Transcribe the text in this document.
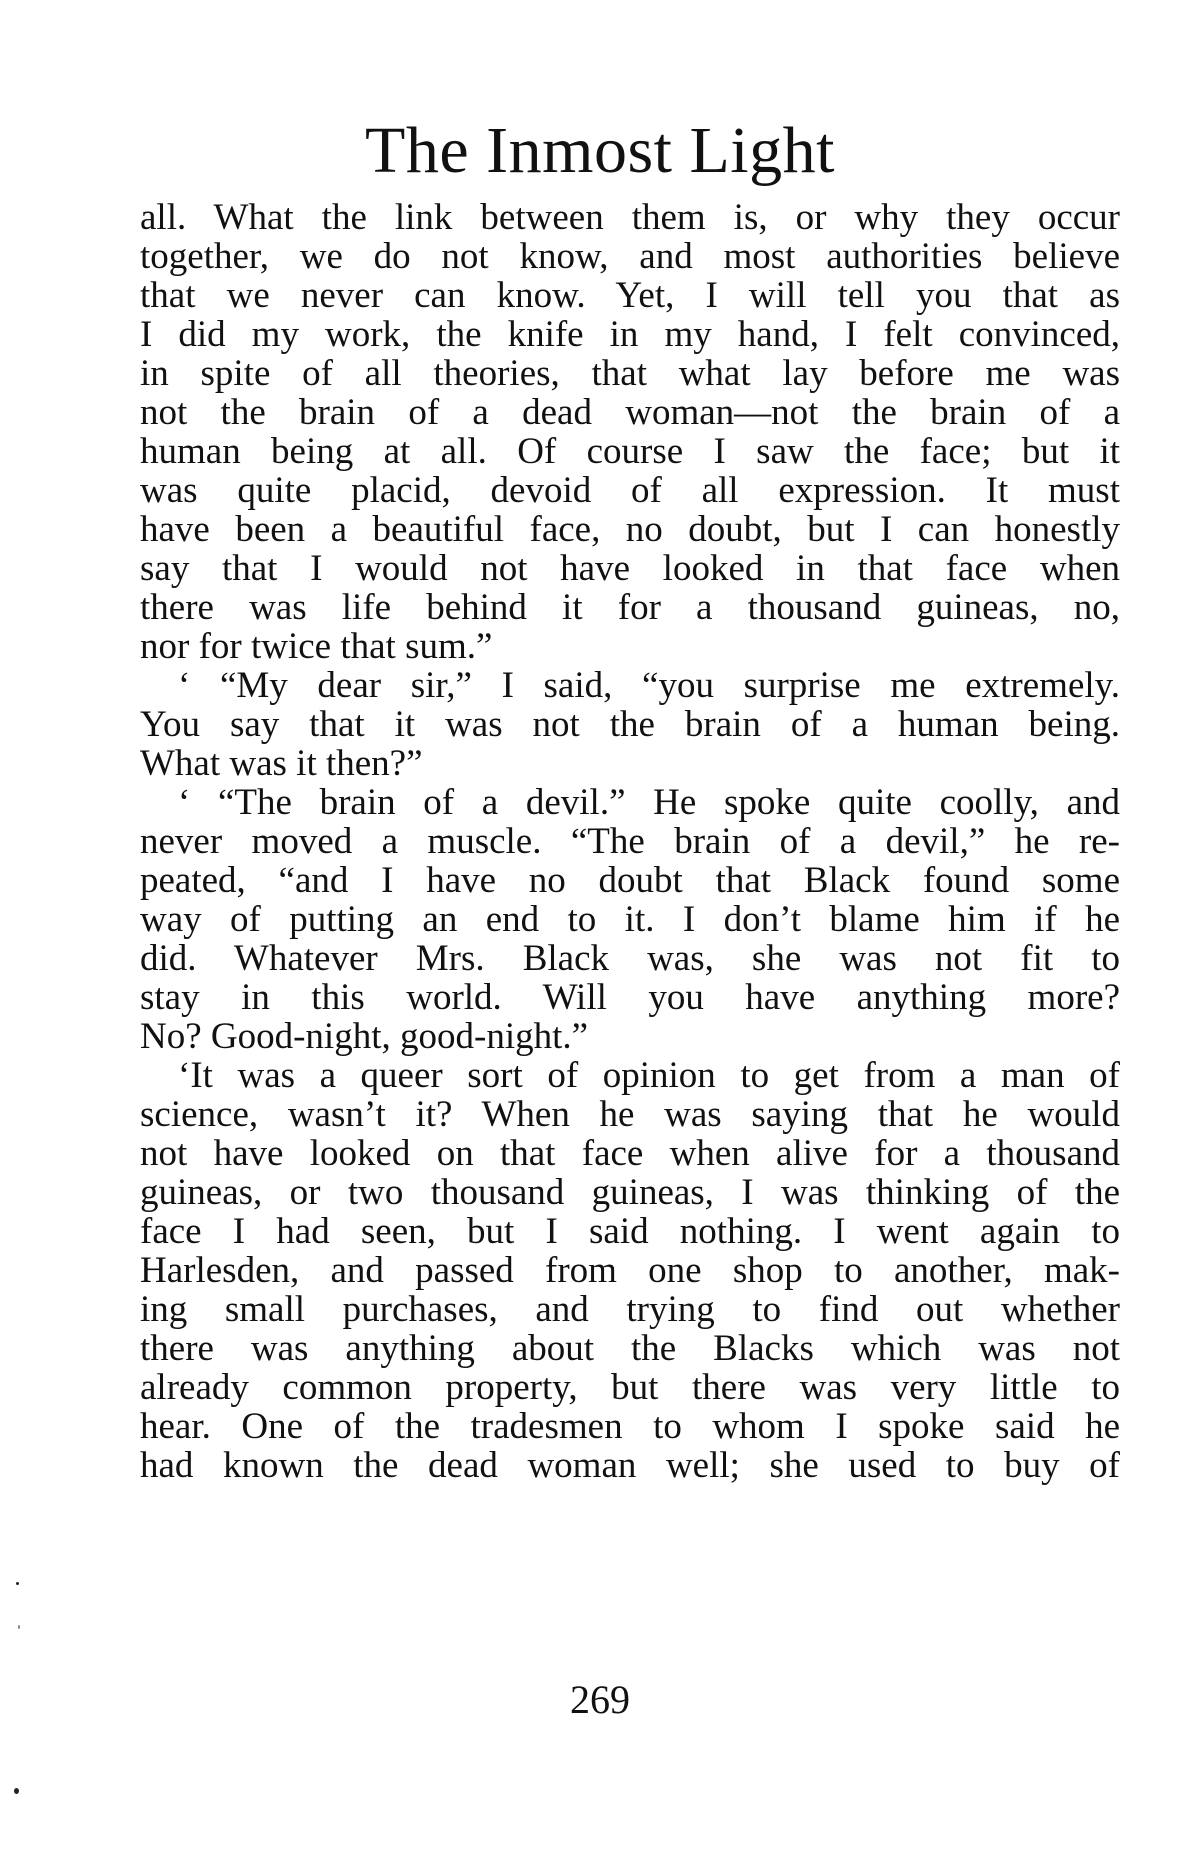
The Inmost Light
all. What the link between them is, or why they occur
together, we do not know, and most authorities believe
that we never can know. Yet, I will tell you that as
I did my work, the knife in my hand, I felt convinced,
in spite of all theories, that what lay before me was
not the brain of a dead woman—not the brain of a
human being at all. Of course I saw the face; but it
was quite placid, devoid of all expression. It must
have been a beautiful face, no doubt, but I can honestly
say that I would not have looked in that face when
there was life behind it for a thousand guineas, no,
nor for twice that sum.”
‘ “My dear sir,” I said, “you surprise me extremely.
You say that it was not the brain of a human being.
What was it then?”
‘ “The brain of a devil.” He spoke quite coolly, and
never moved a muscle. “The brain of a devil,” he re-
peated, “and I have no doubt that Black found some
way of putting an end to it. I don’t blame him if he
did. Whatever Mrs. Black was, she was not fit to
stay in this world. Will you have anything more?
No? Good-night, good-night.”
‘It was a queer sort of opinion to get from a man of
science, wasn’t it? When he was saying that he would
not have looked on that face when alive for a thousand
guineas, or two thousand guineas, I was thinking of the
face I had seen, but I said nothing. I went again to
Harlesden, and passed from one shop to another, mak-
ing small purchases, and trying to find out whether
there was anything about the Blacks which was not
already common property, but there was very little to
hear. One of the tradesmen to whom I spoke said he
had known the dead woman well; she used to buy of
269
